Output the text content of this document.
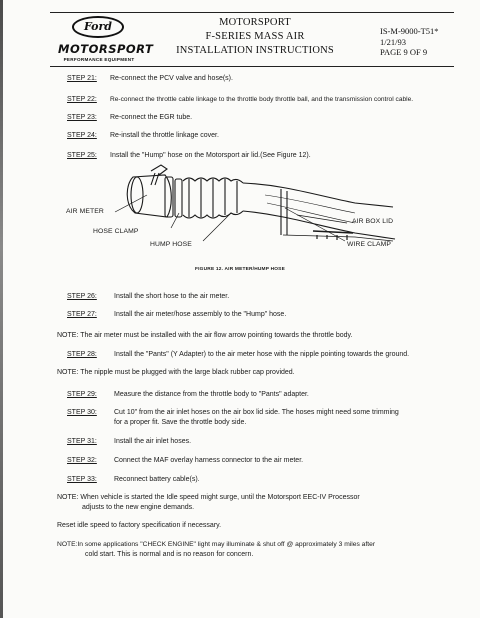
Ford
MOTORSPORT
PERFORMANCE EQUIPMENT
MOTORSPORT
F-SERIES MASS AIR
INSTALLATION INSTRUCTIONS
IS-M-9000-T51*
1/21/93
PAGE 9 OF 9
STEP 21: Re-connect the PCV valve and hose(s).
STEP 22: Re-connect the throttle cable linkage to the throttle body throttle ball, and the transmission control cable.
STEP 23: Re-connect the EGR tube.
STEP 24: Re-install the throttle linkage cover.
STEP 25: Install the "Hump" hose on the Motorsport air lid.(See Figure 12).
AIR METER
HOSE CLAMP
HUMP HOSE
AIR BOX LID
WIRE CLAMP
FIGURE 12. AIR METER/HUMP HOSE
STEP 26: Install the short hose to the air meter.
STEP 27: Install the air meter/hose assembly to the "Hump" hose.
NOTE: The air meter must be installed with the air flow arrow pointing towards the throttle body.
STEP 28: Install the "Pants" (Y Adapter) to the air meter hose with the nipple pointing towards the ground.
NOTE: The nipple must be plugged with the large black rubber cap provided.
STEP 29: Measure the distance from the throttle body to "Pants" adapter.
STEP 30: Cut 10" from the air inlet hoses on the air box lid side. The hoses might need some trimming
for a proper fit. Save the throttle body side.
STEP 31: Install the air inlet hoses.
STEP 32: Connect the MAF overlay harness connector to the air meter.
STEP 33: Reconnect battery cable(s).
NOTE: When vehicle is started the Idle speed might surge, until the Motorsport EEC-IV Processor
adjusts to the new engine demands.
Reset idle speed to factory specification if necessary.
NOTE:In some applications "CHECK ENGINE" light may illuminate & shut off @ approximately 3 miles after
cold start. This is normal and is no reason for concern.
